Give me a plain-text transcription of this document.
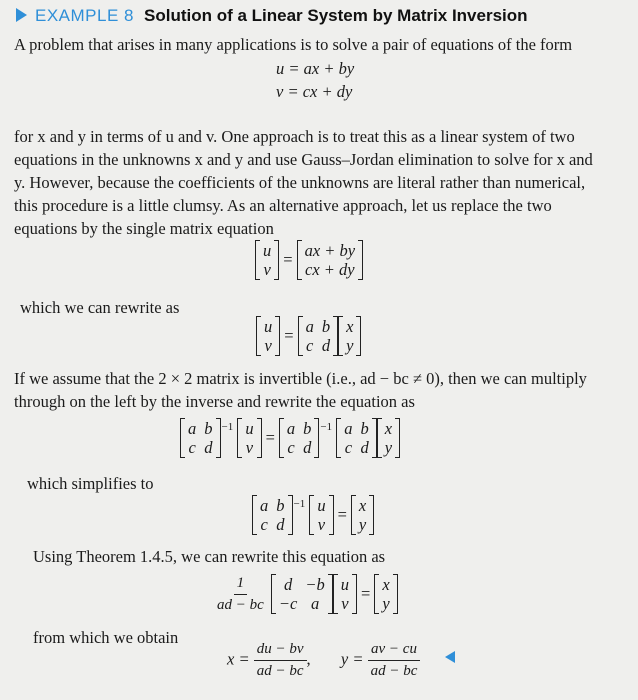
EXAMPLE 8 Solution of a Linear System by Matrix Inversion
A problem that arises in many applications is to solve a pair of equations of the form
u = ax + by
v = cx + dy
for x and y in terms of u and v. One approach is to treat this as a linear system of two
equations in the unknowns x and y and use Gauss–Jordan elimination to solve for x and
y. However, because the coefficients of the unknowns are literal rather than numerical,
this procedure is a little clumsy. As an alternative approach, let us replace the two
equations by the single matrix equation
u
v
= ax + by
cx + dy
which we can rewrite as
u
v
= a b
c d
x
y
If we assume that the 2 × 2 matrix is invertible (i.e., ad − bc ≠ 0), then we can multiply
through on the left by the inverse and rewrite the equation as
a b
c d
$^{-1}$ u
v
= a b
c d
$^{-1}$ a b
c d
x
y
which simplifies to
a b
c d
$^{-1}$ u
v
= x
y
Using Theorem 1.4.5, we can rewrite this equation as
$\frac{1}{ad - bc}$
	d −b
−c a
u
v
= x
y
from which we obtain
$x = \frac{du - bv}{ad - bc}$ , $y = \frac{av - cu}{ad - bc}$
